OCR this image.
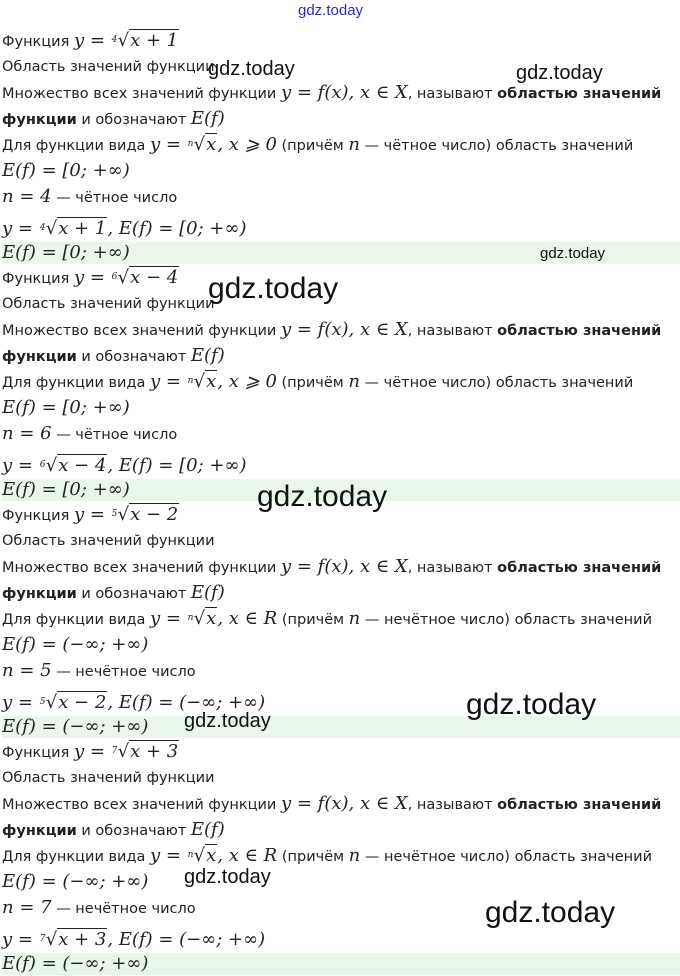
Функция y = 4 √x + 1
Область значений функции
Множество всех значений функции y = f(x), x ∈ X, называют областью значений
функции и обозначают E(f)
Для функции вида y = n √x, x ⩾ 0 (причём n — чётное число) область значений
E(f) = [0; +∞)
n = 4 — чётное число
y = 4 √x + 1, E(f) = [0; +∞)
E(f) = [0; +∞)
Функция y = 6 √x − 4
Область значений функции
Множество всех значений функции y = f(x), x ∈ X, называют областью значений
функции и обозначают E(f)
Для функции вида y = n √x, x ⩾ 0 (причём n — чётное число) область значений
E(f) = [0; +∞)
n = 6 — чётное число
y = 6 √x − 4, E(f) = [0; +∞)
E(f) = [0; +∞)
Функция y = 5 √x − 2
Область значений функции
Множество всех значений функции y = f(x), x ∈ X, называют областью значений
функции и обозначают E(f)
Для функции вида y = n √x, x ∈ R (причём n — нечётное число) область значений
E(f) = (−∞; +∞)
n = 5 — нечётное число
y = 5 √x − 2, E(f) = (−∞; +∞)
E(f) = (−∞; +∞)
Функция y = 7 √x + 3
Область значений функции
Множество всех значений функции y = f(x), x ∈ X, называют областью значений
функции и обозначают E(f)
Для функции вида y = n √x, x ∈ R (причём n — нечётное число) область значений
E(f) = (−∞; +∞)
n = 7 — нечётное число
y = 7 √x + 3, E(f) = (−∞; +∞)
E(f) = (−∞; +∞)
gdz.today
gdz.today	gdz.today
gdz.today
gdz.today
gdz.today
gdz.today
gdz.today
gdz.today
gdz.today
